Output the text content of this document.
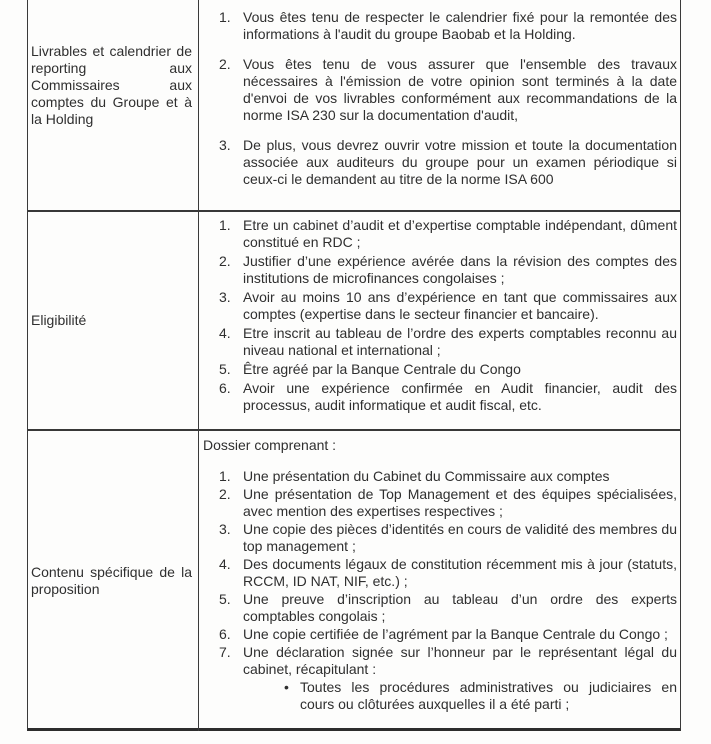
Livrables et calendrier de reporting aux Commissaires aux comptes du Groupe et à la Holding
1. Vous êtes tenu de respecter le calendrier fixé pour la remontée des informations à l'audit du groupe Baobab et la Holding.
2. Vous êtes tenu de vous assurer que l'ensemble des travaux nécessaires à l'émission de votre opinion sont terminés à la date d'envoi de vos livrables conformément aux recommandations de la norme ISA 230 sur la documentation d'audit,
3. De plus, vous devrez ouvrir votre mission et toute la documentation associée aux auditeurs du groupe pour un examen périodique si ceux-ci le demandent au titre de la norme ISA 600
Eligibilité
1. Etre un cabinet d’audit et d’expertise comptable indépendant, dûment constitué en RDC ;
2. Justifier d’une expérience avérée dans la révision des comptes des institutions de microfinances congolaises ;
3. Avoir au moins 10 ans d’expérience en tant que commissaires aux comptes (expertise dans le secteur financier et bancaire).
4. Etre inscrit au tableau de l’ordre des experts comptables reconnu au niveau national et international ;
5. Être agréé par la Banque Centrale du Congo
6. Avoir une expérience confirmée en Audit financier, audit des processus, audit informatique et audit fiscal, etc.
Contenu spécifique de la proposition
Dossier comprenant :
1. Une présentation du Cabinet du Commissaire aux comptes
2. Une présentation de Top Management et des équipes spécialisées, avec mention des expertises respectives ;
3. Une copie des pièces d’identités en cours de validité des membres du top management ;
4. Des documents légaux de constitution récemment mis à jour (statuts, RCCM, ID NAT, NIF, etc.) ;
5. Une preuve d’inscription au tableau d’un ordre des experts comptables congolais ;
6. Une copie certifiée de l’agrément par la Banque Centrale du Congo ;
7. Une déclaration signée sur l’honneur par le représentant légal du cabinet, récapitulant :
• Toutes les procédures administratives ou judiciaires en cours ou clôturées auxquelles il a été parti ;
